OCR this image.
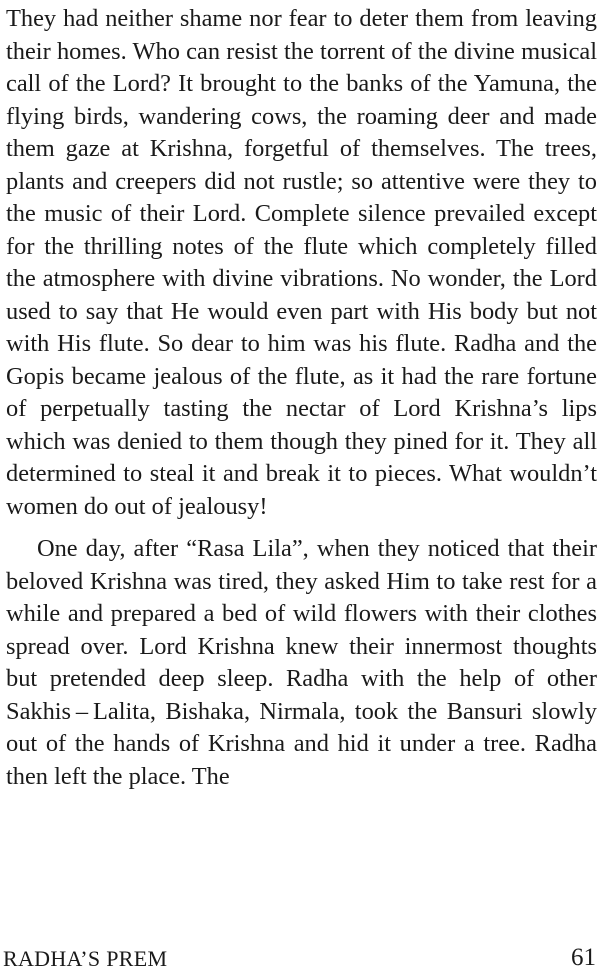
They had neither shame nor fear to deter them from leaving their homes. Who can resist the torrent of the divine musical call of the Lord? It brought to the banks of the Yamuna, the flying birds, wandering cows, the roaming deer and made them gaze at Krishna, forgetful of themselves. The trees, plants and creepers did not rustle; so attentive were they to the music of their Lord. Complete silence prevailed except for the thrilling notes of the flute which completely filled the atmosphere with divine vibrations. No wonder, the Lord used to say that He would even part with His body but not with His flute. So dear to him was his flute. Radha and the Gopis became jealous of the flute, as it had the rare fortune of perpetually tasting the nectar of Lord Krishna’s lips which was denied to them though they pined for it. They all determined to steal it and break it to pieces. What wouldn’t women do out of jealousy!

One day, after “Rasa Lila”, when they noticed that their beloved Krishna was tired, they asked Him to take rest for a while and prepared a bed of wild flowers with their clothes spread over. Lord Krishna knew their innermost thoughts but pretended deep sleep. Radha with the help of other Sakhis – Lalita, Bishaka, Nirmala, took the Bansuri slowly out of the hands of Krishna and hid it under a tree. Radha then left the place. The

RADHA’S PREM	61
